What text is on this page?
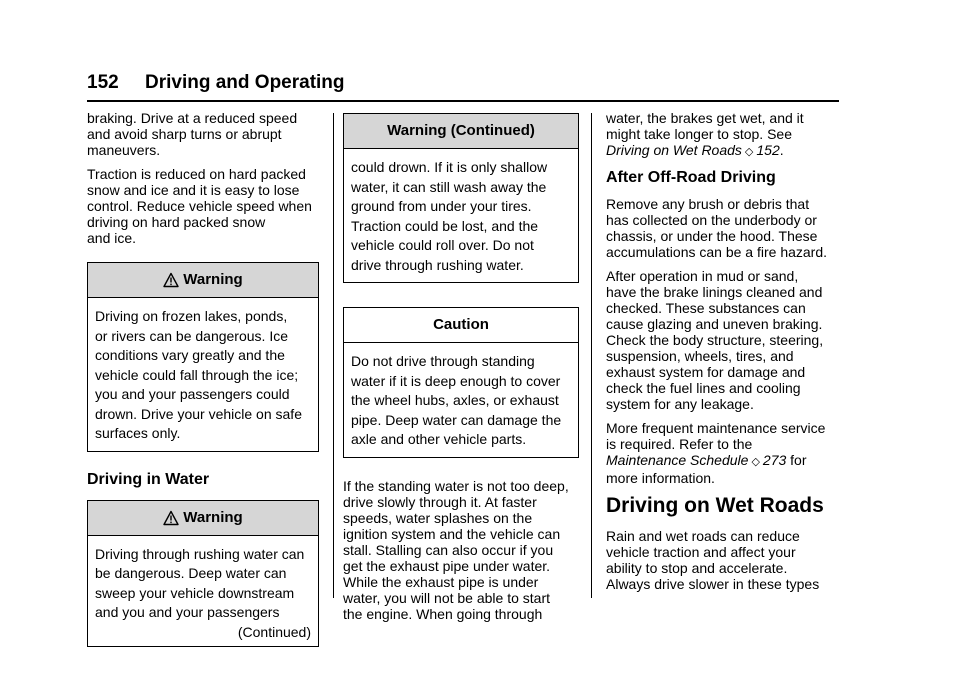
152 Driving and Operating

braking. Drive at a reduced speed
and avoid sharp turns or abrupt
maneuvers.

Traction is reduced on hard packed
snow and ice and it is easy to lose
control. Reduce vehicle speed when
driving on hard packed snow
and ice.

Warning
Driving on frozen lakes, ponds,
or rivers can be dangerous. Ice
conditions vary greatly and the
vehicle could fall through the ice;
you and your passengers could
drown. Drive your vehicle on safe
surfaces only.
Driving in Water
Warning
Driving through rushing water can
be dangerous. Deep water can
sweep your vehicle downstream
and you and your passengers
(Continued)
Warning (Continued)
could drown. If it is only shallow
water, it can still wash away the
ground from under your tires.
Traction could be lost, and the
vehicle could roll over. Do not
drive through rushing water.
Caution
Do not drive through standing
water if it is deep enough to cover
the wheel hubs, axles, or exhaust
pipe. Deep water can damage the
axle and other vehicle parts.

If the standing water is not too deep,
drive slowly through it. At faster
speeds, water splashes on the
ignition system and the vehicle can
stall. Stalling can also occur if you
get the exhaust pipe under water.
While the exhaust pipe is under
water, you will not be able to start
the engine. When going through

water, the brakes get wet, and it
might take longer to stop. See
Driving on Wet Roads ◇ 152.

After Off-Road Driving

Remove any brush or debris that
has collected on the underbody or
chassis, or under the hood. These
accumulations can be a fire hazard.

After operation in mud or sand,
have the brake linings cleaned and
checked. These substances can
cause glazing and uneven braking.
Check the body structure, steering,
suspension, wheels, tires, and
exhaust system for damage and
check the fuel lines and cooling
system for any leakage.

More frequent maintenance service
is required. Refer to the
Maintenance Schedule ◇ 273 for
more information.

Driving on Wet Roads

Rain and wet roads can reduce
vehicle traction and affect your
ability to stop and accelerate.
Always drive slower in these types
